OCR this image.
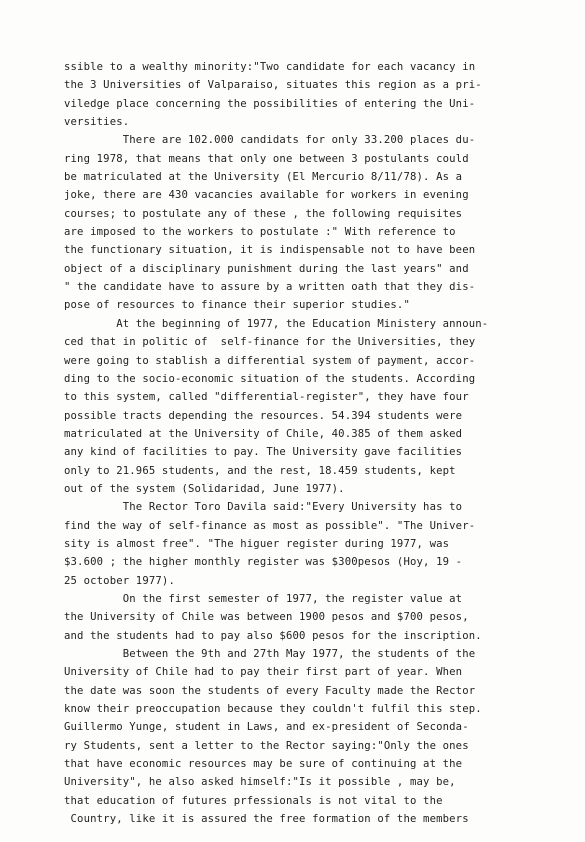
ssible to a wealthy minority:"Two candidate for each vacancy in
the 3 Universities of Valparaiso, situates this region as a pri-
viledge place concerning the possibilities of entering the Uni-
versities.
There are 102.000 candidats for only 33.200 places du-
ring 1978, that means that only one between 3 postulants could
be matriculated at the University (El Mercurio 8/11/78). As a
joke, there are 430 vacancies available for workers in evening
courses; to postulate any of these , the following requisites
are imposed to the workers to postulate :" With reference to
the functionary situation, it is indispensable not to have been
object of a disciplinary punishment during the last years" and
" the candidate have to assure by a written oath that they dis-
pose of resources to finance their superior studies."
At the beginning of 1977, the Education Ministery announ-
ced that in politic of  self-finance for the Universities, they
were going to stablish a differential system of payment, accor-
ding to the socio-economic situation of the students. According
to this system, called "differential-register", they have four
possible tracts depending the resources. 54.394 students were
matriculated at the University of Chile, 40.385 of them asked
any kind of facilities to pay. The University gave facilities
only to 21.965 students, and the rest, 18.459 students, kept
out of the system (Solidaridad, June 1977).
The Rector Toro Davila said:"Every University has to
find the way of self-finance as most as possible". "The Univer-
sity is almost free". "The higuer register during 1977, was
$3.600 ; the higher monthly register was $300pesos (Hoy, 19 -
25 october 1977).
On the first semester of 1977, the register value at
the University of Chile was between 1900 pesos and $700 pesos,
and the students had to pay also $600 pesos for the inscription.
Between the 9th and 27th May 1977, the students of the
University of Chile had to pay their first part of year. When
the date was soon the students of every Faculty made the Rector
know their preoccupation because they couldn't fulfil this step.
Guillermo Yunge, student in Laws, and ex-president of Seconda-
ry Students, sent a letter to the Rector saying:"Only the ones
that have economic resources may be sure of continuing at the
University", he also asked himself:"Is it possible , may be,
that education of futures prfessionals is not vital to the
Country, like it is assured the free formation of the members
